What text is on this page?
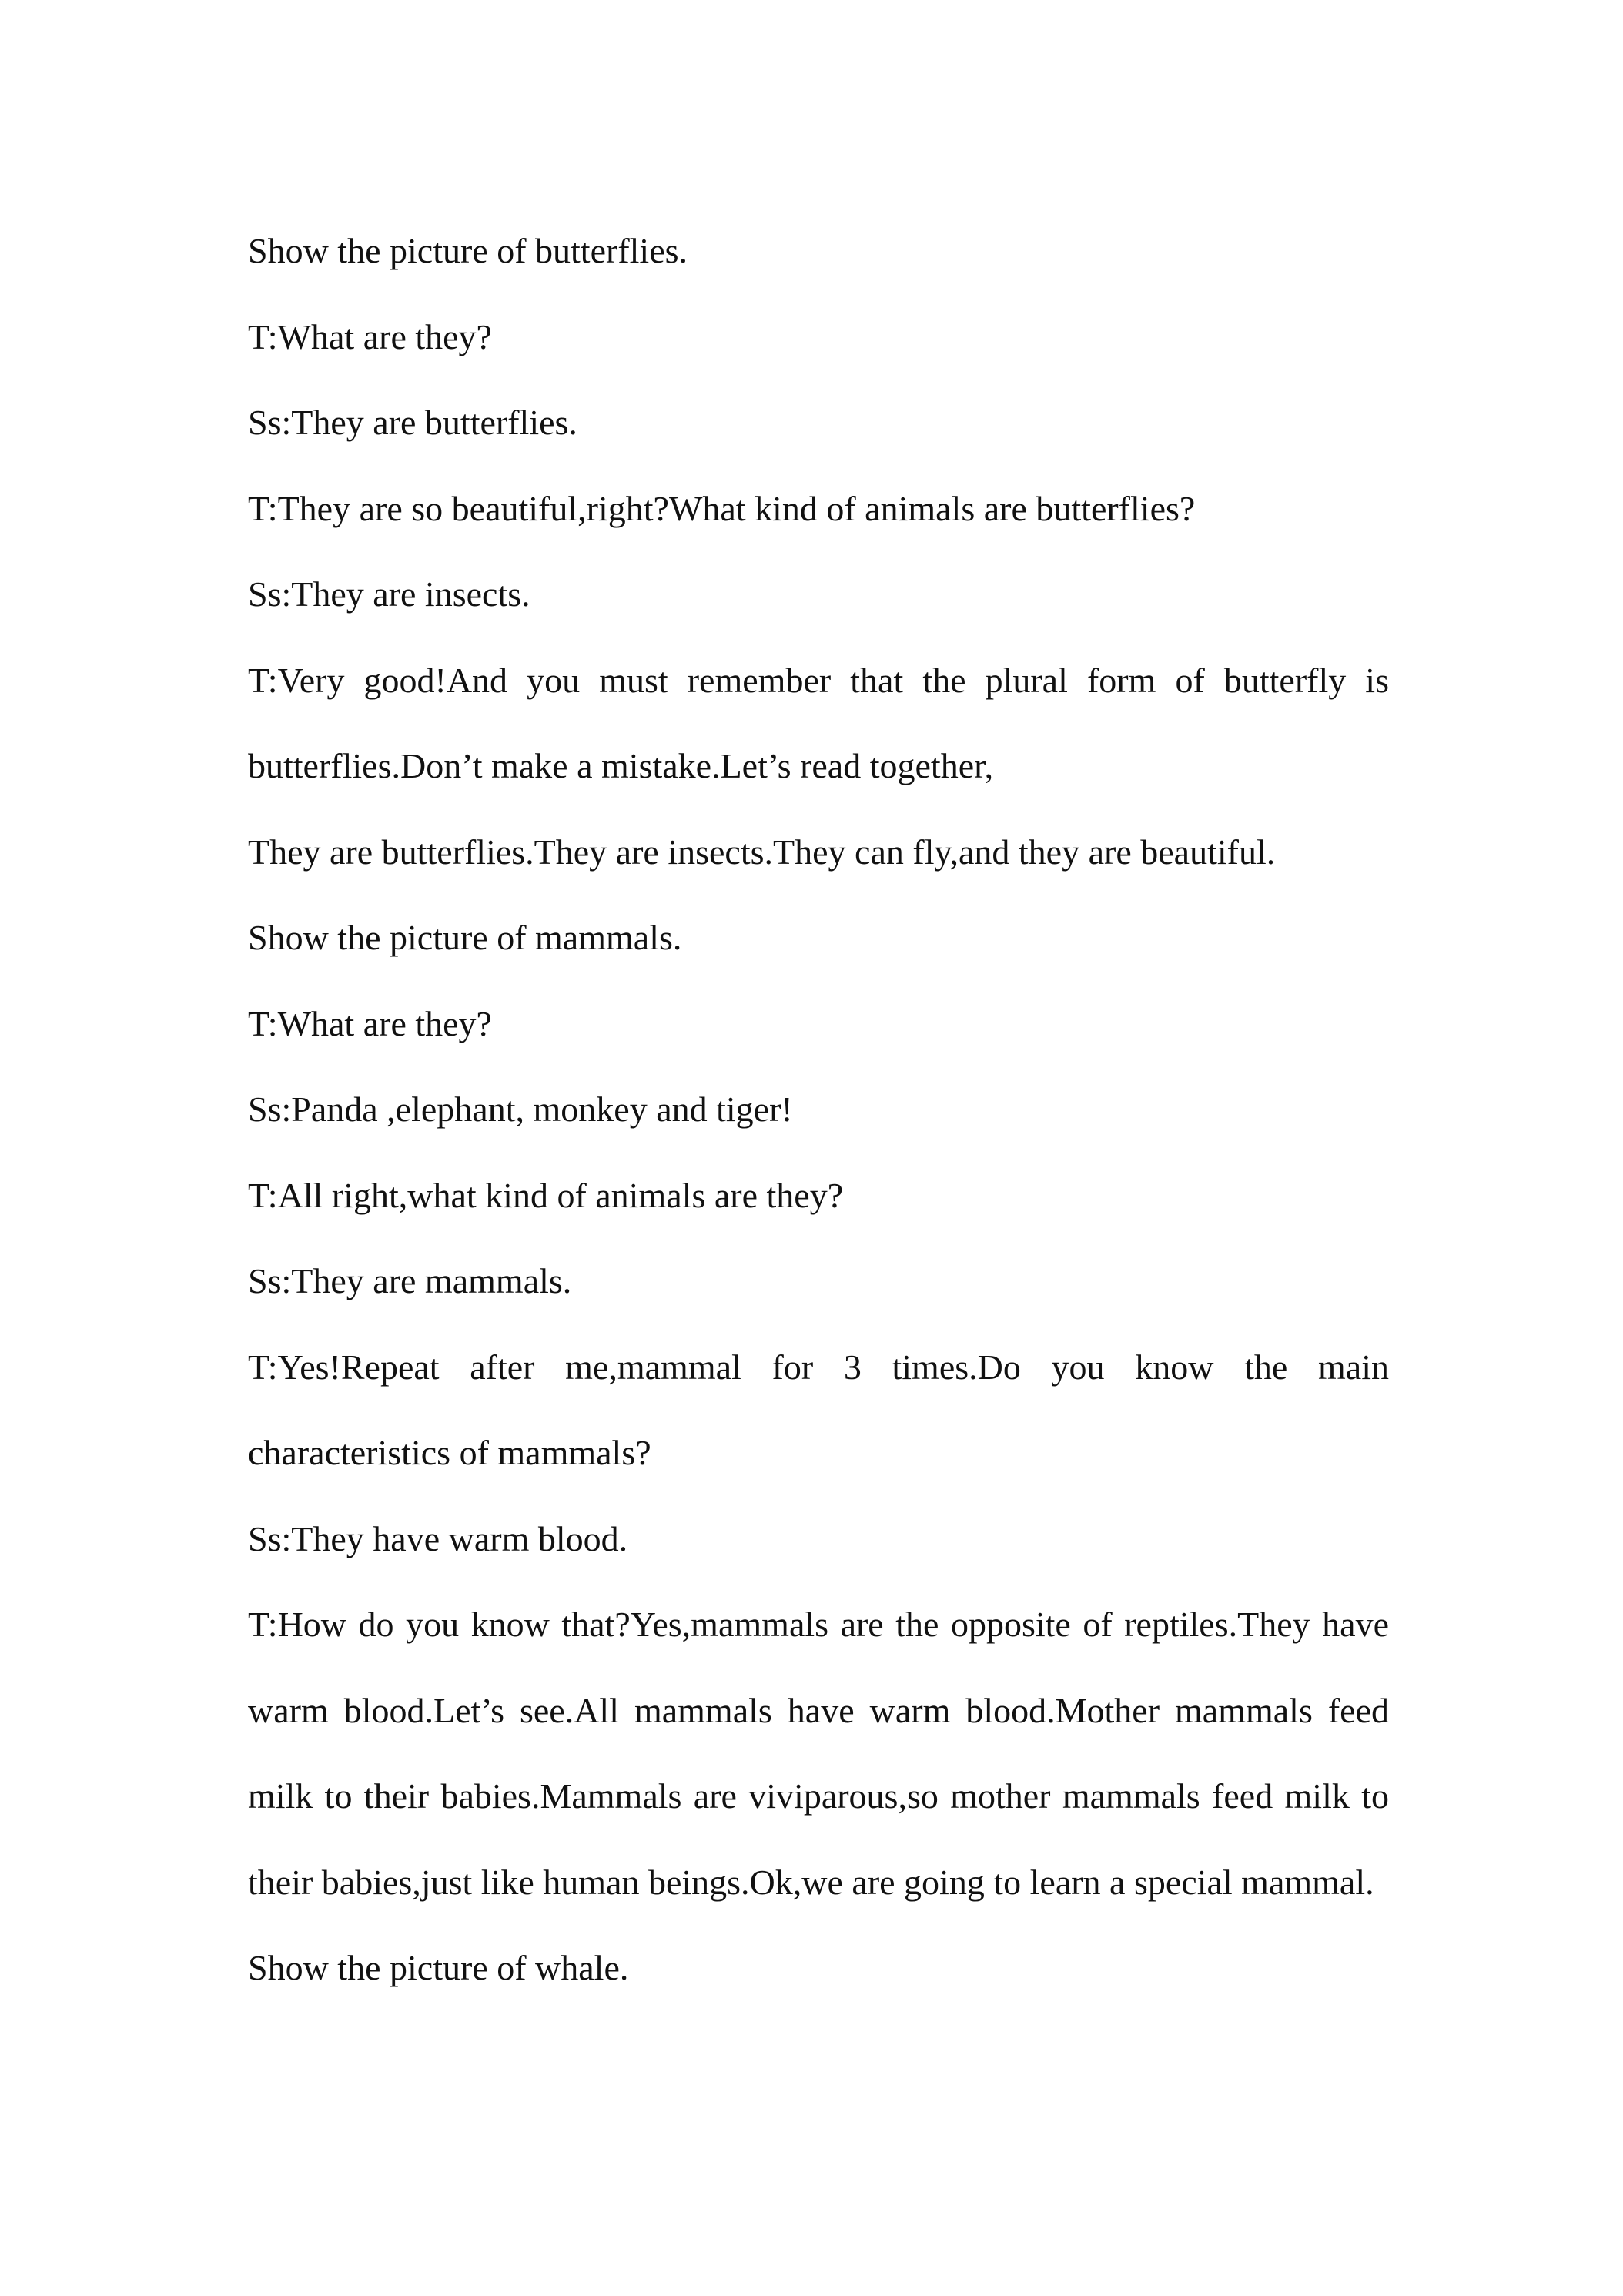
Show the picture of butterflies.

T:What are they?

Ss:They are butterflies.

T:They are so beautiful,right?What kind of animals are butterflies?

Ss:They are insects.

T:Very good!And you must remember that the plural form of butterfly is butterflies.Don’t make a mistake.Let’s read together,

They are butterflies.They are insects.They can fly,and they are beautiful.

Show the picture of mammals.

T:What are they?

Ss:Panda ,elephant, monkey and tiger!

T:All right,what kind of animals are they?

Ss:They are mammals.

T:Yes!Repeat after me,mammal for 3 times.Do you know the main characteristics of mammals?

Ss:They have warm blood.

T:How do you know that?Yes,mammals are the opposite of reptiles.They have warm blood.Let’s see.All mammals have warm blood.Mother mammals feed milk to their babies.Mammals are viviparous,so mother mammals feed milk to their babies,just like human beings.Ok,we are going to learn a special mammal.

Show the picture of whale.
